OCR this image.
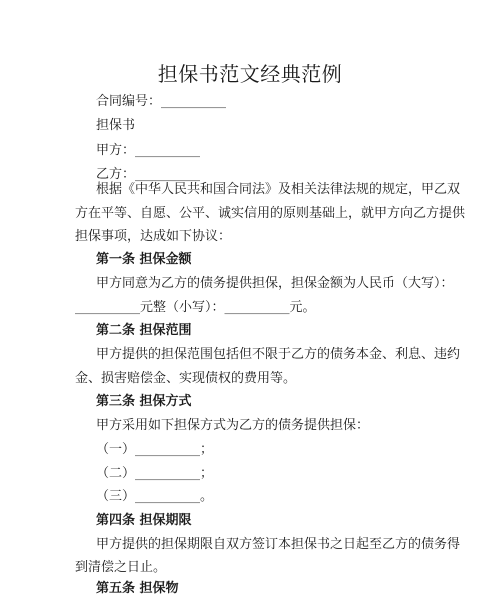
担保书范文经典范例
合同编号：__________
担保书
甲方：__________
乙方：__________
根据《中华人民共和国合同法》及相关法律法规的规定，甲乙双
方在平等、自愿、公平、诚实信用的原则基础上，就甲方向乙方提供
担保事项，达成如下协议：
第一条 担保金额
甲方同意为乙方的债务提供担保，担保金额为人民币（大写）：
__________元整（小写）：__________元。
第二条 担保范围
甲方提供的担保范围包括但不限于乙方的债务本金、利息、违约
金、损害赔偿金、实现债权的费用等。
第三条 担保方式
甲方采用如下担保方式为乙方的债务提供担保：
（一）__________；
（二）__________；
（三）__________。
第四条 担保期限
甲方提供的担保期限自双方签订本担保书之日起至乙方的债务得
到清偿之日止。
第五条 担保物
